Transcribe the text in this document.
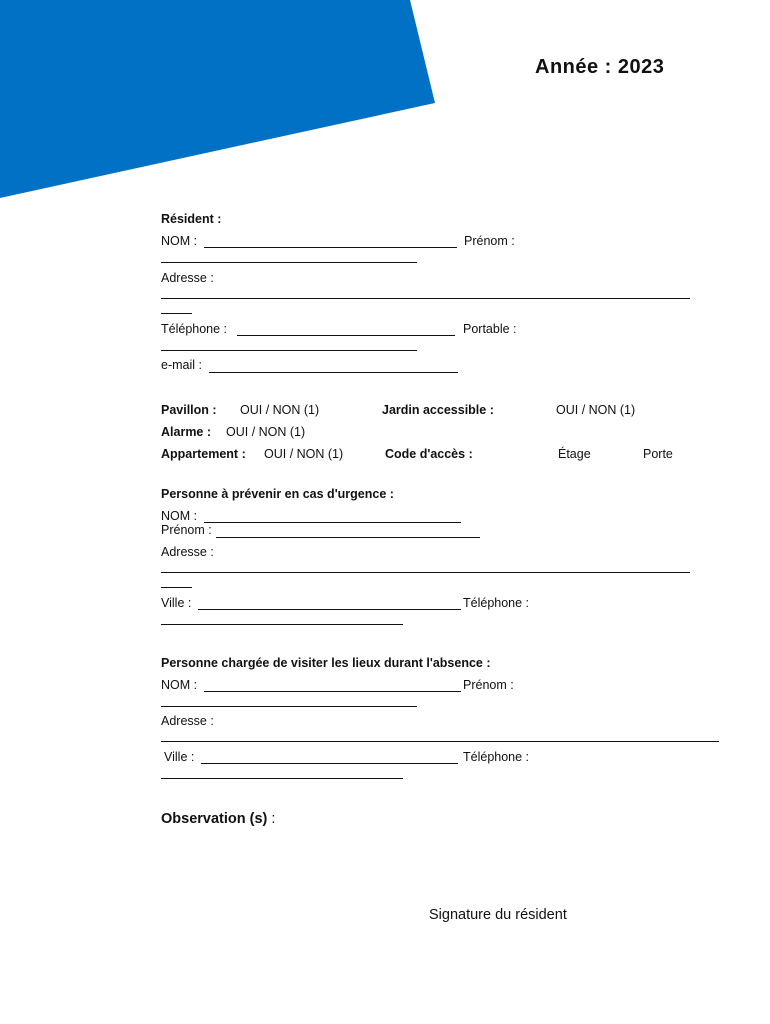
Année : 2023
Résident :
NOM :	Prénom :
Adresse :
Téléphone :	Portable :
e-mail :
Pavillon : OUI / NON (1)	Jardin accessible :	OUI / NON (1)
Alarme : OUI / NON (1)
Appartement : OUI / NON (1)	Code d'accès :	Étage	Porte
Personne à prévenir en cas d'urgence :
NOM :
Prénom :
Adresse :
Ville :	Téléphone :
Personne chargée de visiter les lieux durant l'absence :
NOM :	Prénom :
Adresse :
Ville :	Téléphone :
Observation (s) :
Signature du résident
